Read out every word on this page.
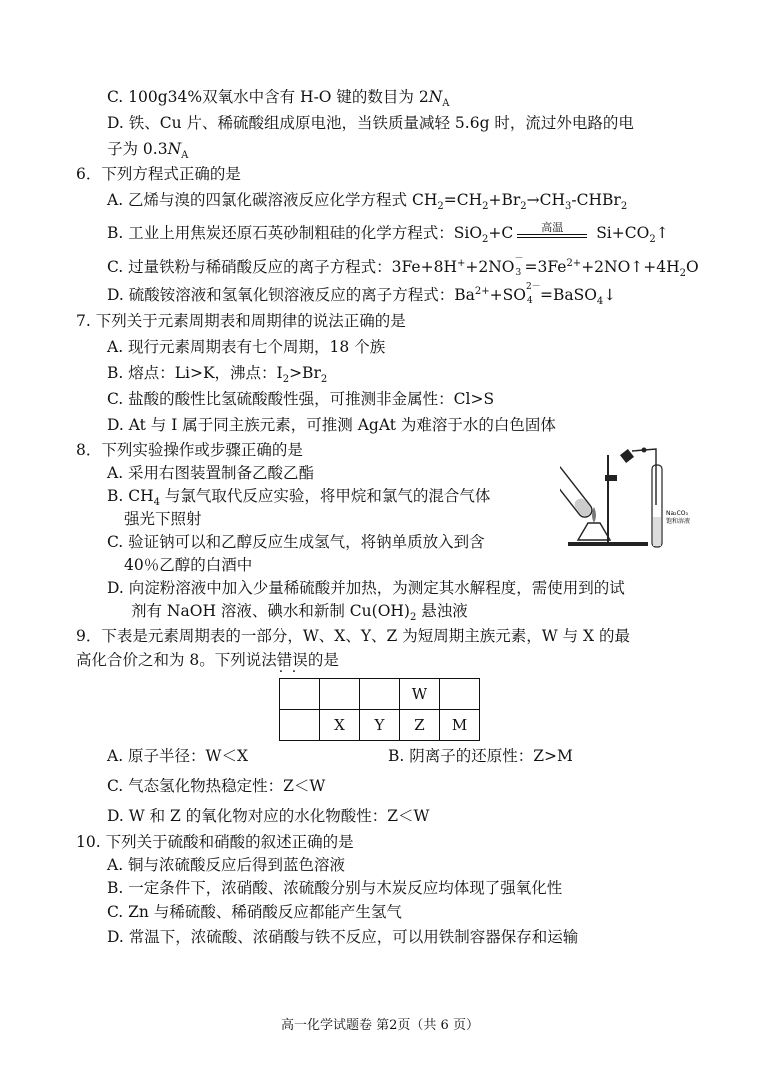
C. 100g34%双氧水中含有 H-O 键的数目为 $2N_A$
D. 铁、Cu 片、稀硫酸组成原电池，当铁质量减轻 5.6g 时，流过外电路的电
子为 $0.3N_A$
6．下列方程式正确的是
A. 乙烯与溴的四氯化碳溶液反应化学方程式 $CH_2=CH_2+Br_2\to CH_3-CHBr_2$
B. 工业上用焦炭还原石英砂制粗硅的化学方程式：SiO$_2$+C	高温	$Si+CO_2↑$
C. 过量铁粉与稀硝酸反应的离子方程式：3Fe+8H++2NO 3
－ $=3Fe^{2+}+2NO↑+4H_2O$
D. 硫酸铵溶液和氢氧化钡溶液反应的离子方程式：$Ba^{2+}+SO$ 2－
4 =BaSO$_4$↓
7. 下列关于元素周期表和周期律的说法正确的是
A. 现行元素周期表有七个周期，18 个族
B. 熔点：Li>K，沸点：$I_2>Br_2$
C. 盐酸的酸性比氢硫酸酸性强，可推测非金属性：Cl>S
D. At 与 I 属于同主族元素，可推测 AgAt 为难溶于水的白色固体
8．下列实验操作或步骤正确的是
A. 采用右图装置制备乙酸乙酯
B. $CH_4$ 与氯气取代反应实验，将甲烷和氯气的混合气体
强光下照射
C. 验证钠可以和乙醇反应生成氢气，将钠单质放入到含
40％乙醇的白酒中
D. 向淀粉溶液中加入少量稀硫酸并加热，为测定其水解程度，需使用到的试
剂有 NaOH 溶液、碘水和新制 $Cu(OH)_2$ 悬浊液
Na₂CO₃
饱和溶液
9．下表是元素周期表的一部分，W、X、Y、Z 为短周期主族元素，W 与 X 的最
高化合价之和为 8。下列说法错误 · ·的是
			W	
	X	Y	Z	M
A. 原子半径：W＜X	B. 阴离子的还原性：Z>M
C. 气态氢化物热稳定性：Z＜W
D. W 和 Z 的氧化物对应的水化物酸性：Z＜W
10. 下列关于硫酸和硝酸的叙述正确的是
A. 铜与浓硫酸反应后得到蓝色溶液
B. 一定条件下，浓硝酸、浓硫酸分别与木炭反应均体现了强氧化性
C. Zn 与稀硫酸、稀硝酸反应都能产生氢气
D. 常温下，浓硫酸、浓硝酸与铁不反应，可以用铁制容器保存和运输
高一化学试题卷 第2页（共 6 页）
